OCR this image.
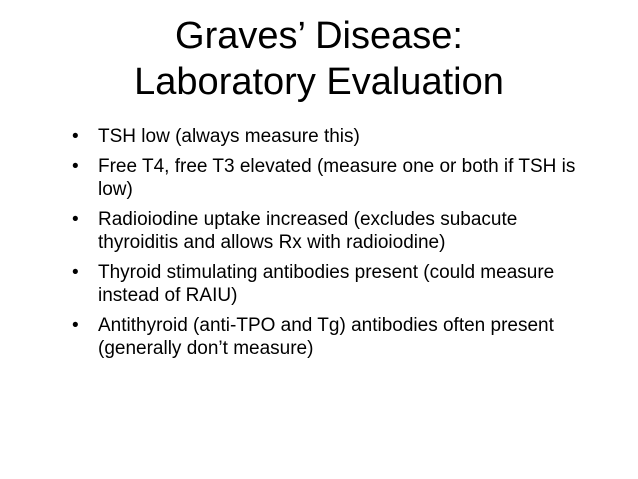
Graves’ Disease:
Laboratory Evaluation
•	TSH low (always measure this)
•	Free T4, free T3 elevated (measure one or both if TSH is low)
•	Radioiodine uptake increased (excludes subacute thyroiditis and allows Rx with radioiodine)
•	Thyroid stimulating antibodies present (could measure instead of RAIU)
•	Antithyroid (anti-TPO and Tg) antibodies often present (generally don’t measure)
